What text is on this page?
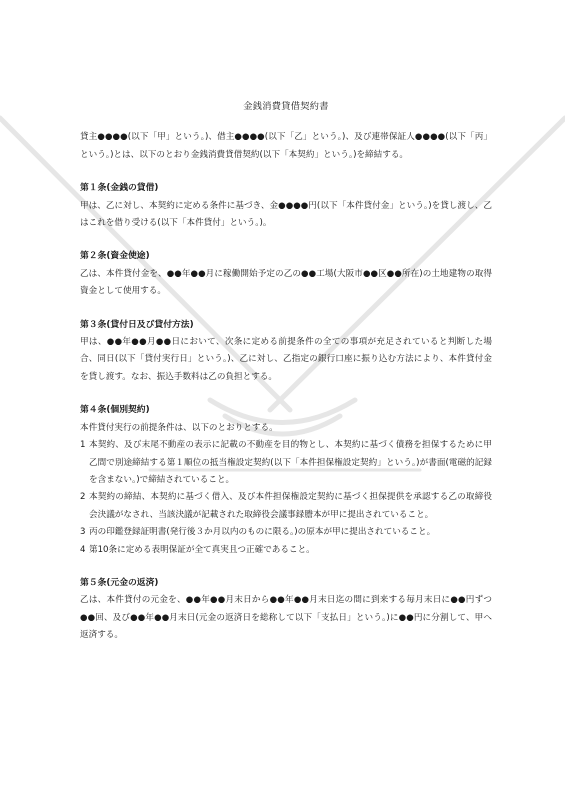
金銭消費貸借契約書

貸主●●●●(以下「甲」という。)、借主●●●●(以下「乙」という。)、及び連帯保証人●●●●(以下「丙」という。)とは、以下のとおり金銭消費貸借契約(以下「本契約」という。)を締結する。

第１条(金銭の貸借)

甲は、乙に対し、本契約に定める条件に基づき、金●●●●円(以下「本件貸付金」という。)を貸し渡し、乙はこれを借り受ける(以下「本件貸付」という。)。

第２条(資金使途)

乙は、本件貸付金を、●●年●●月に稼働開始予定の乙の●●工場(大阪市●●区●●所在)の土地建物の取得資金として使用する。

第３条(貸付日及び貸付方法)

甲は、●●年●●月●●日において、次条に定める前提条件の全ての事項が充足されていると判断した場合、同日(以下「貸付実行日」という。)、乙に対し、乙指定の銀行口座に振り込む方法により、本件貸付金を貸し渡す。なお、振込手数料は乙の負担とする。

第４条(個別契約)

本件貸付実行の前提条件は、以下のとおりとする。

1 本契約、及び末尾不動産の表示に記載の不動産を目的物とし、本契約に基づく債務を担保するために甲乙間で別途締結する第１順位の抵当権設定契約(以下「本件担保権設定契約」という。)が書面(電磁的記録を含まない。)で締結されていること。
2 本契約の締結、本契約に基づく借入、及び本件担保権設定契約に基づく担保提供を承認する乙の取締役会決議がなされ、当該決議が記載された取締役会議事録謄本が甲に提出されていること。
3 丙の印鑑登録証明書(発行後３か月以内のものに限る。)の原本が甲に提出されていること。
4 第10条に定める表明保証が全て真実且つ正確であること。
第５条(元金の返済)

乙は、本件貸付の元金を、●●年●●月末日から●●年●●月末日迄の間に到来する毎月末日に●●円ずつ●●回、及び●●年●●月末日(元金の返済日を総称して以下「支払日」という。)に●●円に分割して、甲へ返済する。
